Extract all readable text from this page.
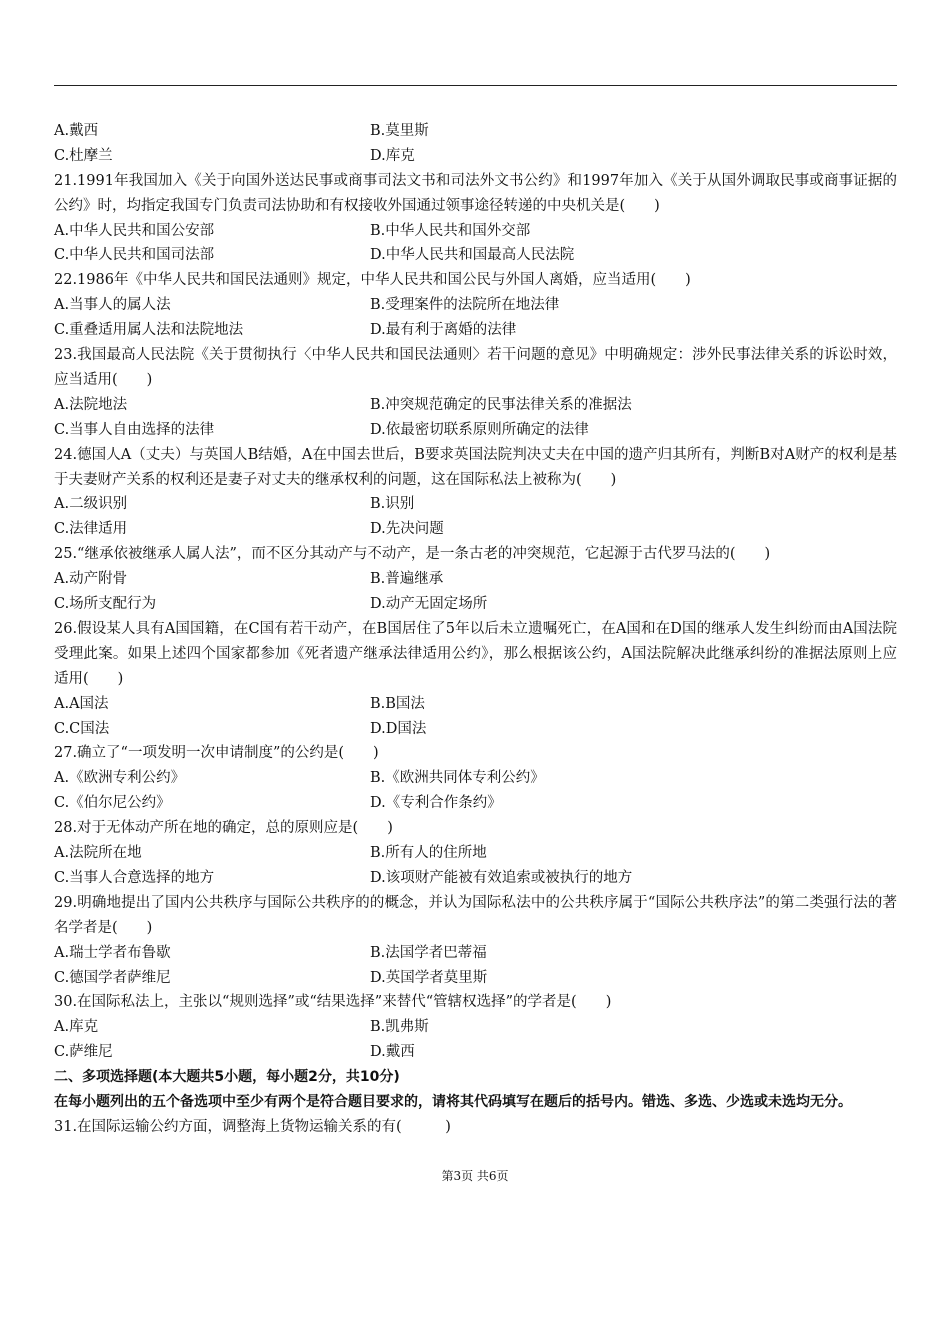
A.戴西	B.莫里斯
C.杜摩兰	D.库克
21.1991年我国加入《关于向国外送达民事或商事司法文书和司法外文书公约》和1997年加入《关于从国外调取民事或商事证据的公约》时，均指定我国专门负责司法协助和有权接收外国通过领事途径转递的中央机关是(　　)
A.中华人民共和国公安部	B.中华人民共和国外交部
C.中华人民共和国司法部	D.中华人民共和国最高人民法院
22.1986年《中华人民共和国民法通则》规定，中华人民共和国公民与外国人离婚，应当适用(　　)
A.当事人的属人法	B.受理案件的法院所在地法律
C.重叠适用属人法和法院地法	D.最有利于离婚的法律
23.我国最高人民法院《关于贯彻执行〈中华人民共和国民法通则〉若干问题的意见》中明确规定：涉外民事法律关系的诉讼时效，应当适用(　　)
A.法院地法	B.冲突规范确定的民事法律关系的准据法
C.当事人自由选择的法律	D.依最密切联系原则所确定的法律
24.德国人A（丈夫）与英国人B结婚，A在中国去世后，B要求英国法院判决丈夫在中国的遗产归其所有，判断B对A财产的权利是基于夫妻财产关系的权利还是妻子对丈夫的继承权利的问题，这在国际私法上被称为(　　)
A.二级识别	B.识别
C.法律适用	D.先决问题
25.“继承依被继承人属人法”，而不区分其动产与不动产，是一条古老的冲突规范，它起源于古代罗马法的(　　)
A.动产附骨	B.普遍继承
C.场所支配行为	D.动产无固定场所
26.假设某人具有A国国籍，在C国有若干动产，在B国居住了5年以后未立遗嘱死亡，在A国和在D国的继承人发生纠纷而由A国法院受理此案。如果上述四个国家都参加《死者遗产继承法律适用公约》，那么根据该公约，A国法院解决此继承纠纷的准据法原则上应适用(　　)
A.A国法	B.B国法
C.C国法	D.D国法
27.确立了“一项发明一次申请制度”的公约是(　　)
A.《欧洲专利公约》	B.《欧洲共同体专利公约》
C.《伯尔尼公约》	D.《专利合作条约》
28.对于无体动产所在地的确定，总的原则应是(　　)
A.法院所在地	B.所有人的住所地
C.当事人合意选择的地方	D.该项财产能被有效追索或被执行的地方
29.明确地提出了国内公共秩序与国际公共秩序的的概念，并认为国际私法中的公共秩序属于“国际公共秩序法”的第二类强行法的著名学者是(　　)
A.瑞士学者布鲁歇	B.法国学者巴蒂福
C.德国学者萨维尼	D.英国学者莫里斯
30.在国际私法上，主张以“规则选择”或“结果选择”来替代“管辖权选择”的学者是(　　)
A.库克	B.凯弗斯
C.萨维尼	D.戴西
二、多项选择题(本大题共5小题，每小题2分，共10分)
在每小题列出的五个备选项中至少有两个是符合题目要求的，请将其代码填写在题后的括号内。错选、多选、少选或未选均无分。
31.在国际运输公约方面，调整海上货物运输关系的有(　　　)
第3页 共6页
